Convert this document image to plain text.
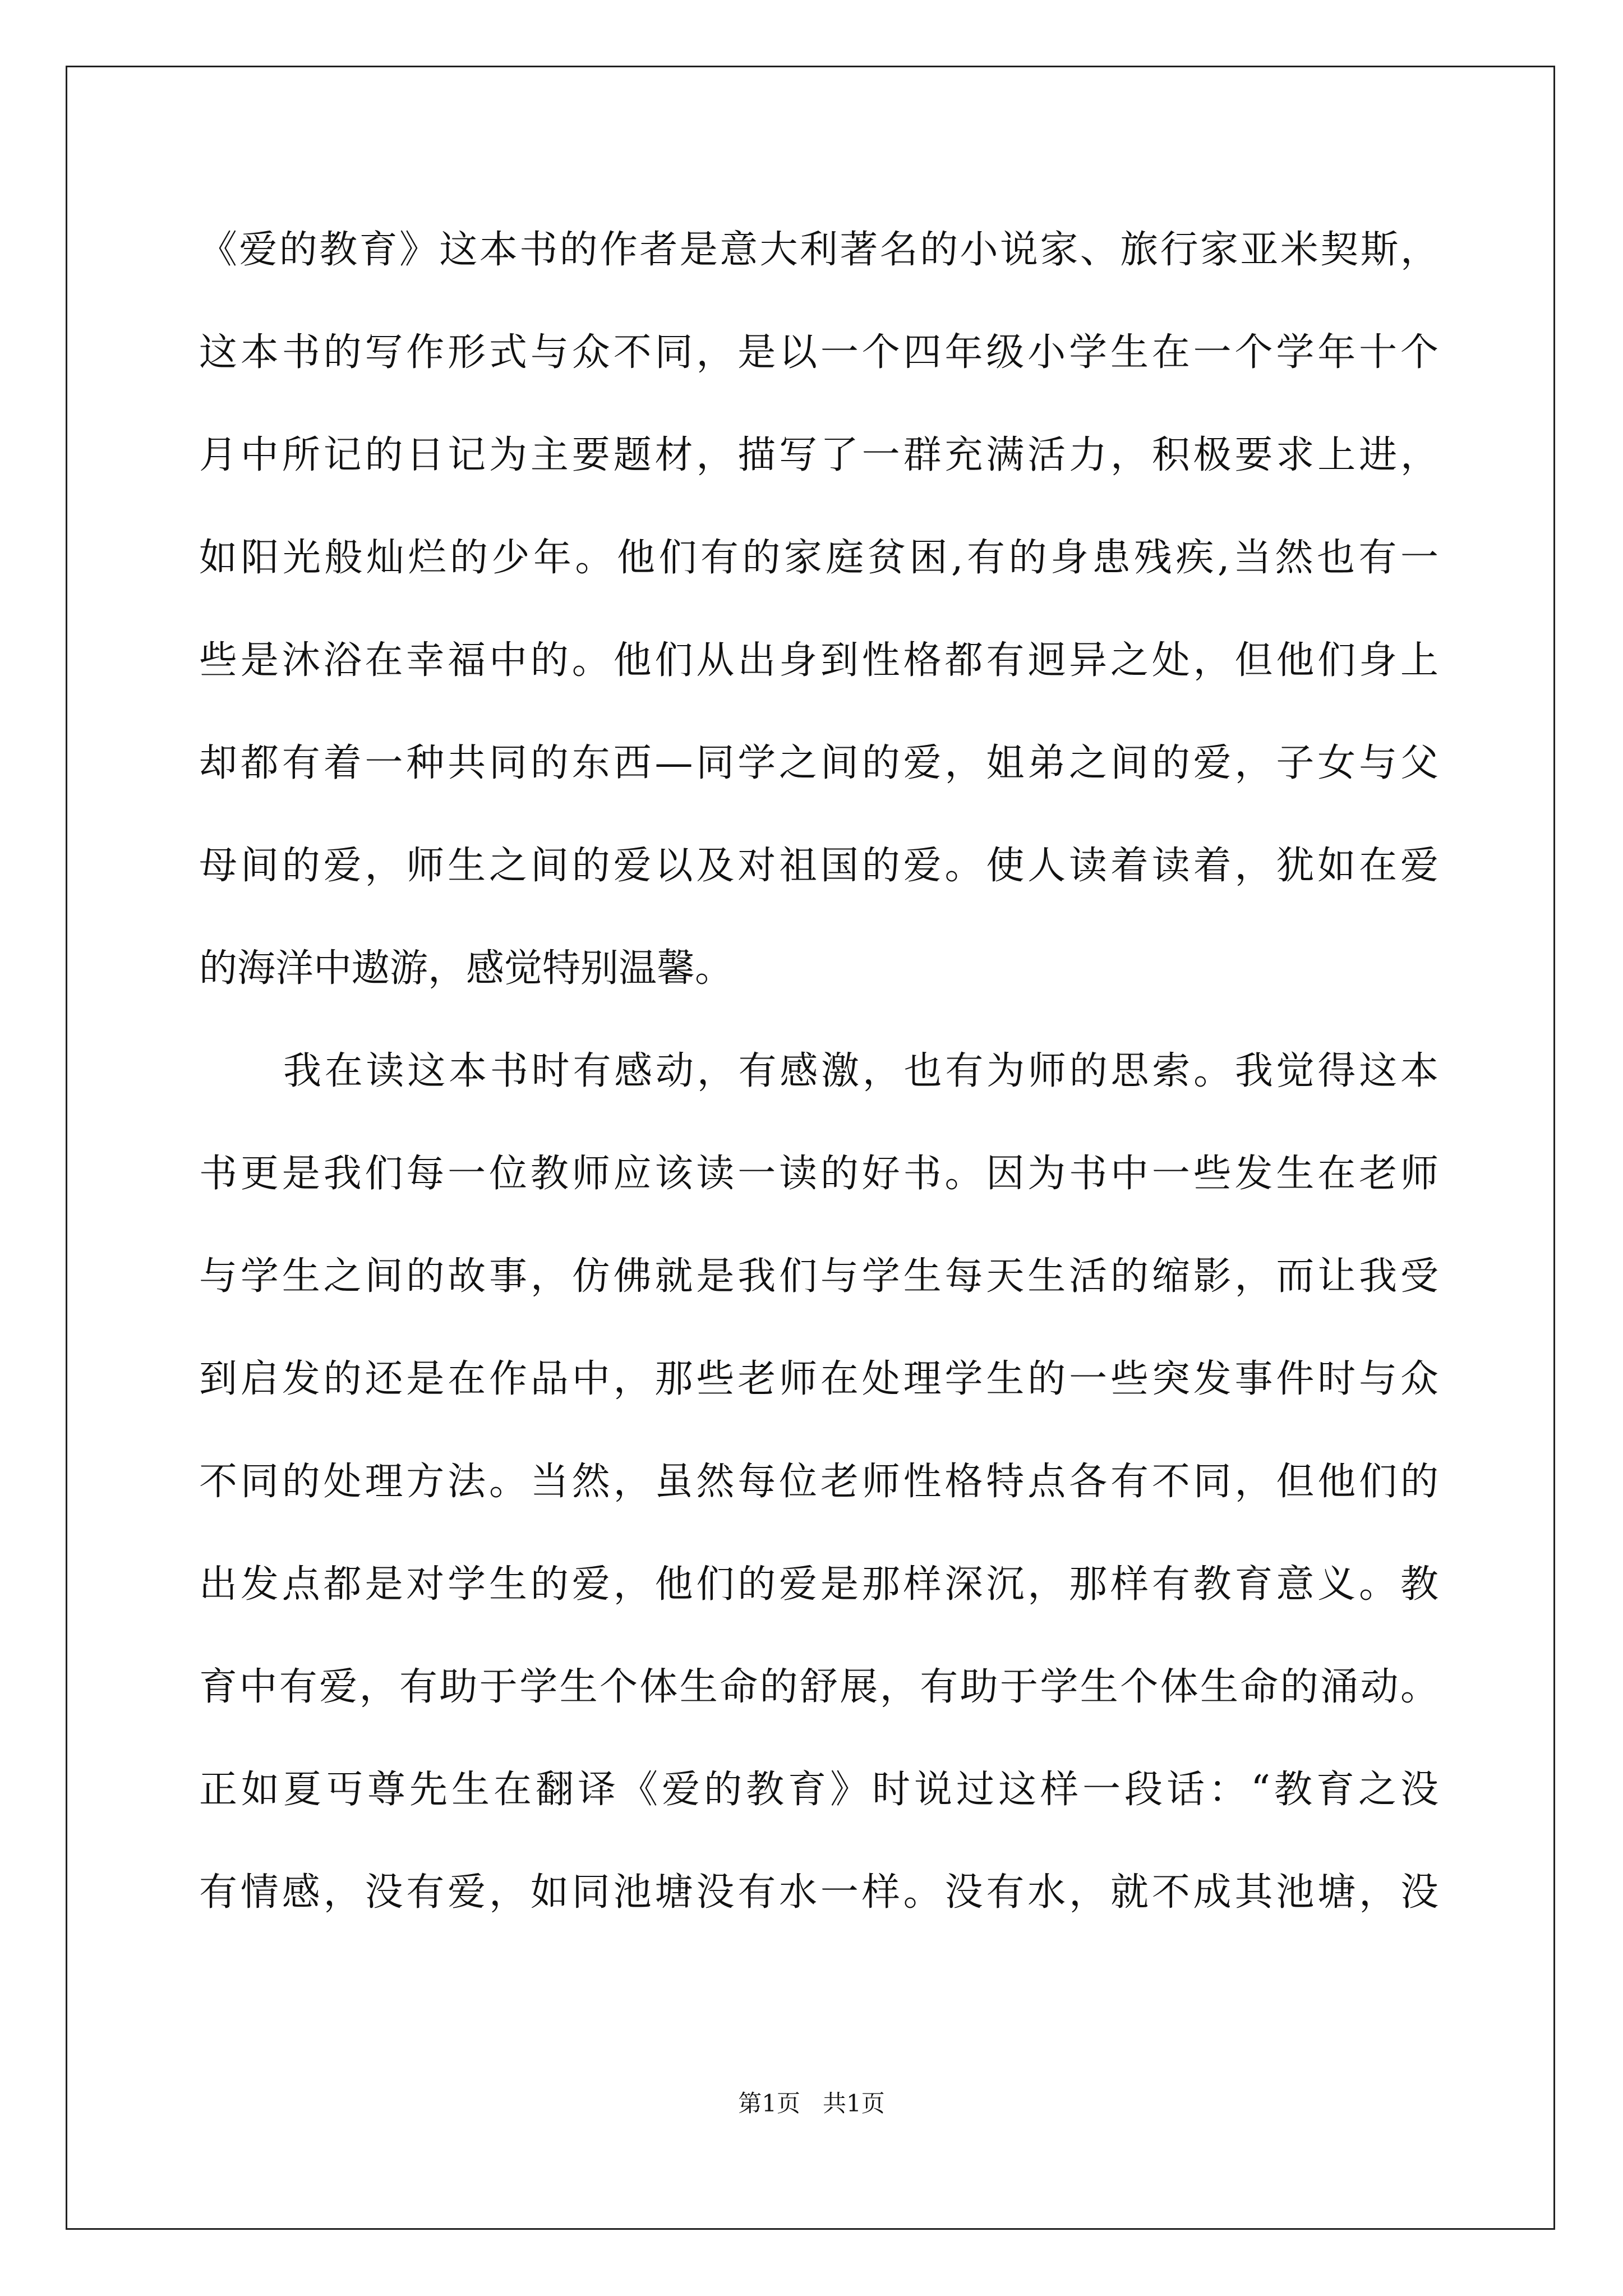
《爱的教育》这本书的作者是意大利著名的小说家、旅行家亚米契斯，
这本书的写作形式与众不同，是以一个四年级小学生在一个学年十个
月中所记的日记为主要题材，描写了一群充满活力，积极要求上进，
如阳光般灿烂的少年。他们有的家庭贫困,有的身患残疾,当然也有一
些是沐浴在幸福中的。他们从出身到性格都有迥异之处，但他们身上
却都有着一种共同的东西—同学之间的爱，姐弟之间的爱，子女与父
母间的爱，师生之间的爱以及对祖国的爱。使人读着读着，犹如在爱
的海洋中遨游，感觉特别温馨。
我在读这本书时有感动，有感激，也有为师的思索。我觉得这本
书更是我们每一位教师应该读一读的好书。因为书中一些发生在老师
与学生之间的故事，仿佛就是我们与学生每天生活的缩影，而让我受
到启发的还是在作品中，那些老师在处理学生的一些突发事件时与众
不同的处理方法。当然，虽然每位老师性格特点各有不同，但他们的
出发点都是对学生的爱，他们的爱是那样深沉，那样有教育意义。教
育中有爱，有助于学生个体生命的舒展，有助于学生个体生命的涌动。
正如夏丏尊先生在翻译《爱的教育》时说过这样一段话：“教育之没
有情感，没有爱，如同池塘没有水一样。没有水，就不成其池塘，没
第1页   共1页
